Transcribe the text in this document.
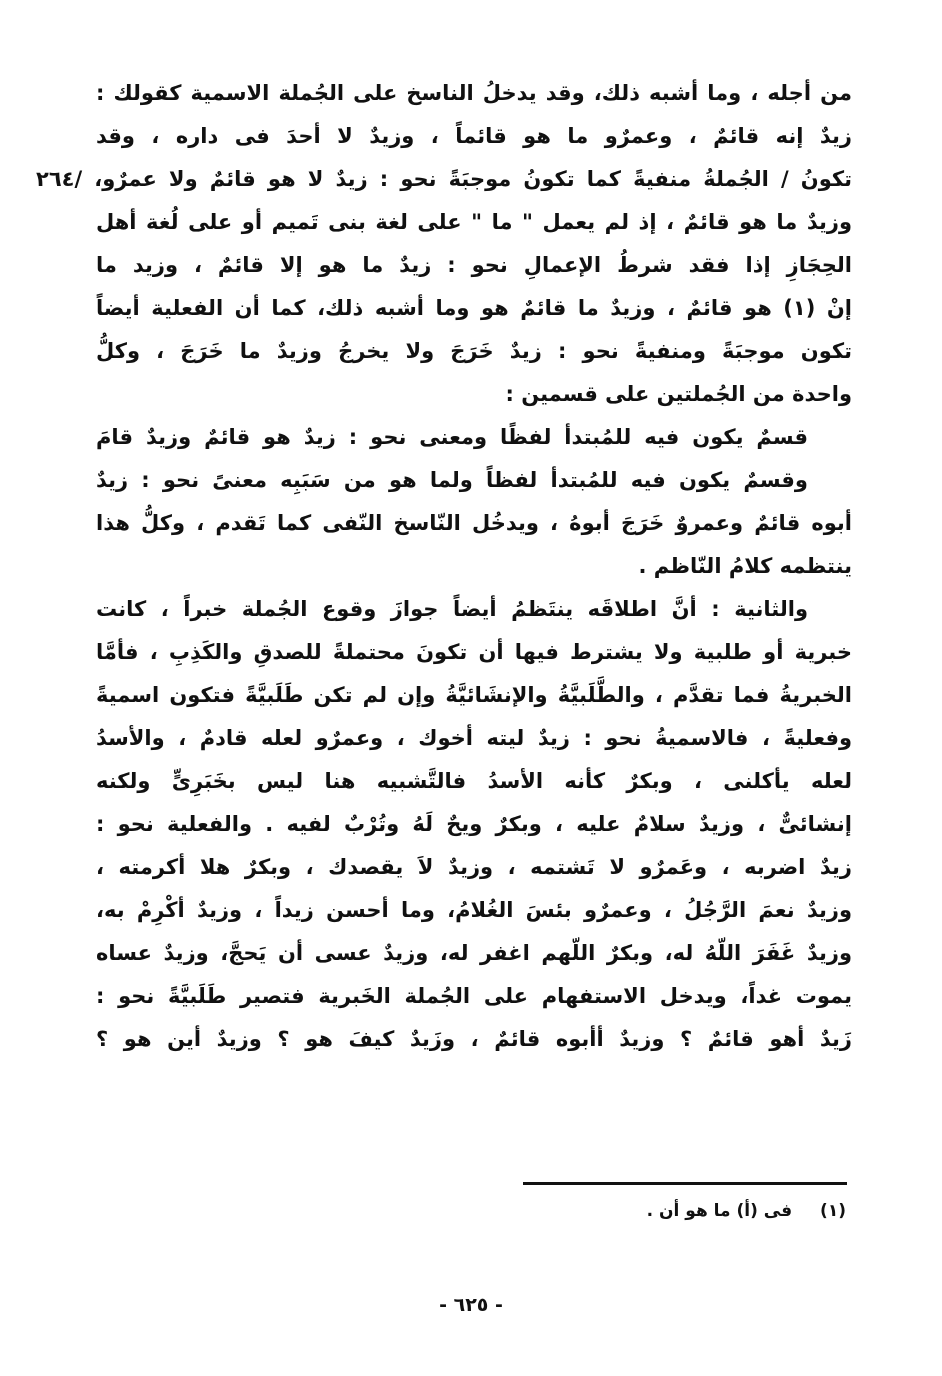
من أجله ، وما أشبه ذلك، وقد يدخلُ الناسخ على الجُملة الاسمية كقولك :
زيدٌ إنه قائمٌ ، وعمرٌو ما هو قائماً ، وزيدٌ لا أحدَ فى داره ، وقد
تكونُ / الجُملةُ منفيةً كما تكونُ موجبَةً نحو : زيدٌ لا هو قائمٌ ولا عمرٌو، /٢٦٤
وزيدٌ ما هو قائمٌ ، إذ لم يعمل " ما " على لغة بنى تَميم أو على لُغة أهل
الحِجَازِ إذا فقد شرطُ الإعمالِ نحو : زيدٌ ما هو إلا قائمٌ ، وزيد ما
إنْ (١) هو قائمٌ ، وزيدٌ ما قائمٌ هو وما أشبه ذلك، كما أن الفعلية أيضاً
تكون موجبَةً ومنفيةً نحو : زيدٌ خَرَجَ ولا يخرجُ وزيدٌ ما خَرَجَ ، وكلُّ
واحدة من الجُملتين على قسمين :
قسمٌ يكون فيه للمُبتدأ لفظًا ومعنى نحو : زيدٌ هو قائمٌ وزيدٌ قامَ
وقسمٌ يكون فيه للمُبتدأ لفظاً ولما هو من سَبَبِه معنىً نحو : زيدٌ
أبوه قائمٌ وعمروٌ خَرَجَ أبوهُ ، ويدخُل النّاسخ النّفى كما تَقدم ، وكلُّ هذا
ينتظمه كلامُ النّاظم .
والثانية : أنَّ اطلاقَه ينتَظمُ أيضاً جوازَ وقوع الجُملة خبراً ، كانت
خبرية أو طلبية ولا يشترط فيها أن تكونَ محتملةً للصدقِ والكَذِبِ ، فأمَّا
الخبريةُ فما تقدَّم ، والطَّلَبيَّةُ والإنشَائيَّةُ وإن لم تكن طَلَبيَّةً فتكون اسميةً
وفعليةً ، فالاسميةُ نحو : زيدٌ ليته أخوك ، وعمرٌو لعله قادمٌ ، والأسدُ
لعله يأكلنى ، وبكرٌ كأنه الأسدُ فالتَّشبيه هنا ليس بخَبَرِىٍّ ولكنه
إنشائىٌّ ، وزيدٌ سلامٌ عليه ، وبكرٌ ويحٌ لَهُ وتُرْبٌ لفيه . والفعلية نحو :
زيدٌ اضربه ، وعَمرٌو لا تَشتمه ، وزيدٌ لاَ يقصدك ، وبكرٌ هلا أكرمته ،
وزيدٌ نعمَ الرَّجُلُ ، وعمرٌو بئسَ الغُلامُ، وما أحسن زيداً ، وزيدٌ أكْرِمْ به،
وزيدٌ غَفَرَ اللّهُ له، وبكرٌ اللّهم اغفر له، وزيدٌ عسى أن يَحجَّ، وزيدٌ عساه
يموت غداً، ويدخل الاستفهام على الجُملة الخَبرية فتصير طَلَبيَّةً نحو :
زَيدٌ أهو قائمٌ ؟ وزيدٌ أأبوه قائمٌ ، وزَيدٌ كيفَ هو ؟ وزيدٌ أين هو ؟
(١) فى (أ) ما هو أن .
- ٦٢٥ -
